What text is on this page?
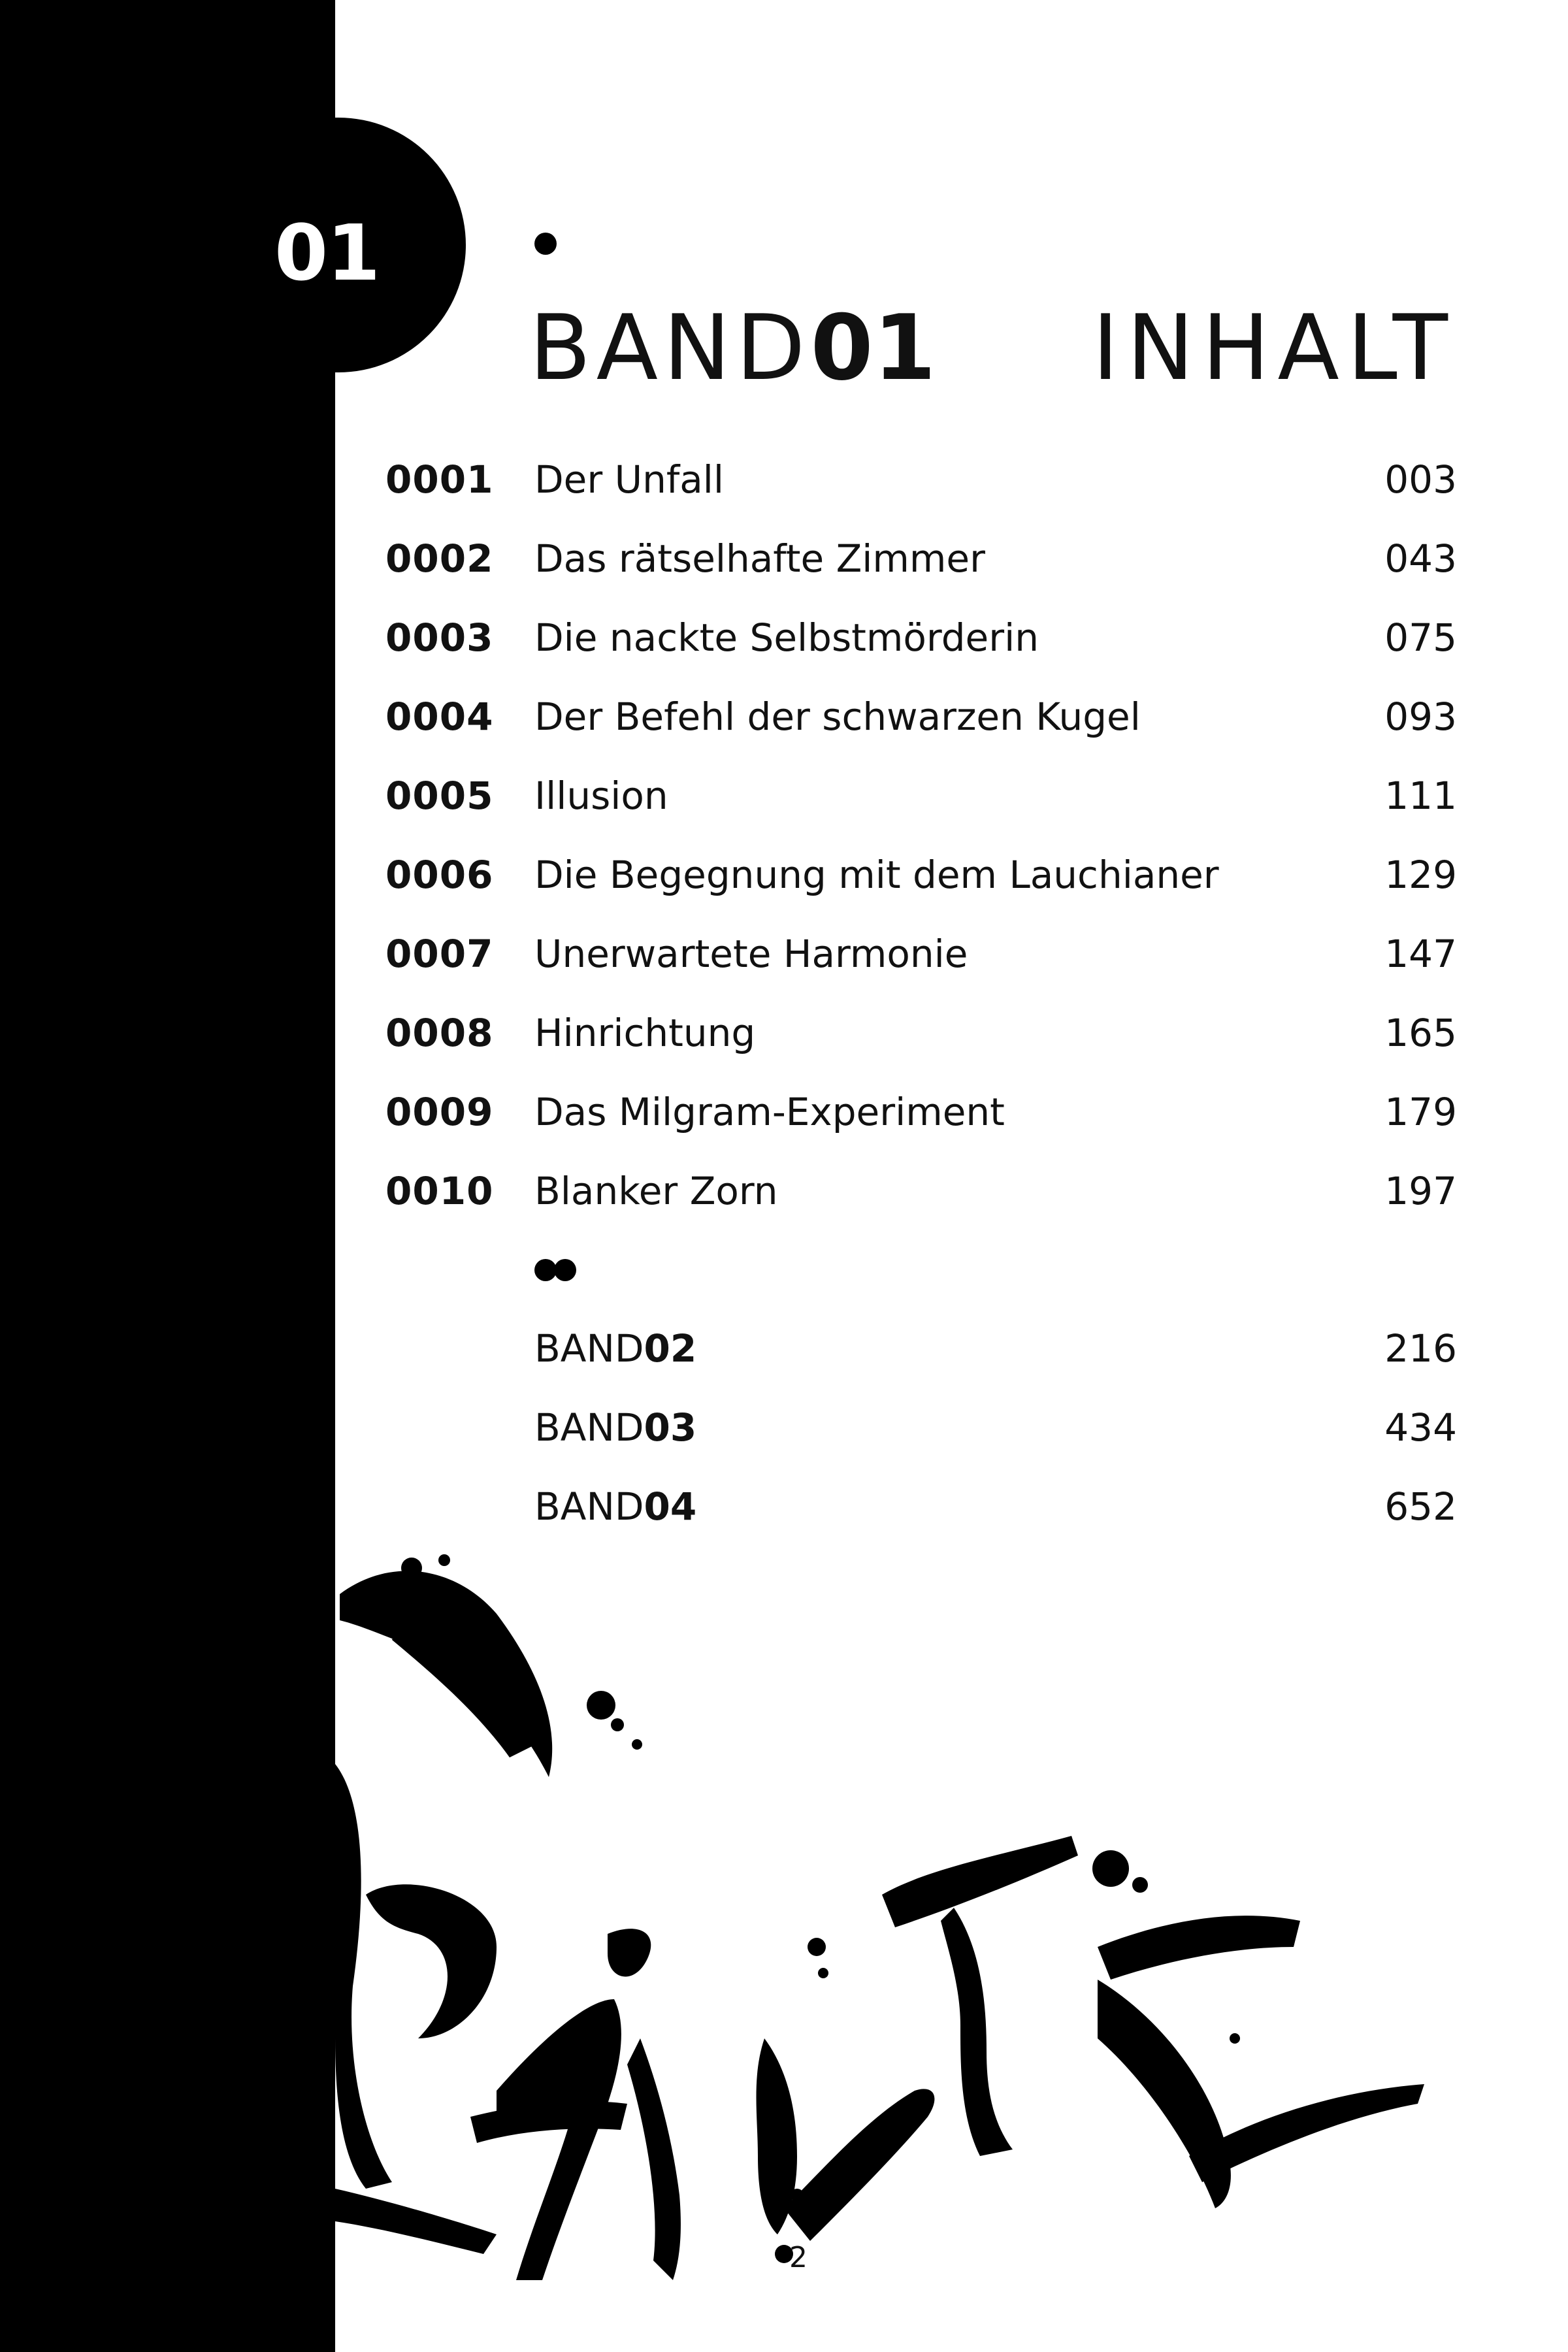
01
BAND01 INHALT
0001 Der Unfall	003
0002 Das rätselhafte Zimmer	043
0003 Die nackte Selbstmörderin	075
0004 Der Befehl der schwarzen Kugel	093
0005 Illusion	111
0006 Die Begegnung mit dem Lauchianer	129
0007 Unerwartete Harmonie	147
0008 Hinrichtung	165
0009 Das Milgram-Experiment	179
0010 Blanker Zorn	197
BAND02	216
BAND03	434
BAND04	652
2
